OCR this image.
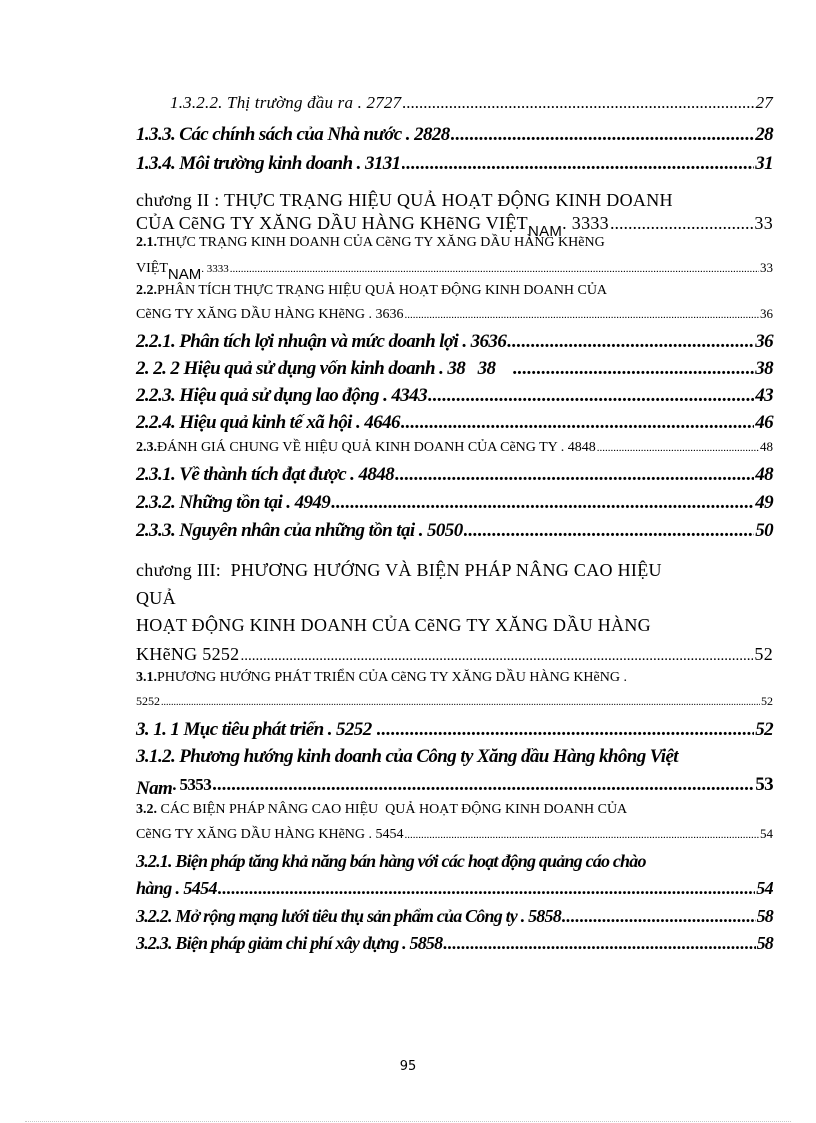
1.3.2.2. Thị trường đầu ra . 2727 .....	27
1.3.3. Các chính sách của Nhà nước . 2828 .....	28
1.3.4. Môi trường kinh doanh . 3131 .....	31
chương II : THỰC TRẠNG HIỆU QUẢ HOẠT ĐỘNG KINH DOANH
CỦA CẽNG TY XĂNG DẦU HÀNG KHẽNG VIỆT NAM . 3333 .....	33
2.1. THỰC TRẠNG KINH DOANH CỦA CẽNG TY XĂNG DẦU HÀNG KHẽNG
VIỆT NAM . 3333 .....	33
2.2. PHÂN TÍCH THỰC TRẠNG HIỆU QUẢ HOẠT ĐỘNG KINH DOANH CỦA
CẽNG TY XĂNG DẦU HÀNG KHẽNG . 3636 .....	36
2.2.1. Phân tích lợi nhuận và mức doanh lợi . 3636 .....	36
2. 2. 2 Hiệu quả sử dụng vốn kinh doanh . 38   38 .....	38
2.2.3. Hiệu quả sử dụng lao động . 4343 .....	43
2.2.4. Hiệu quả kinh tế xã hội . 4646 .....	46
2.3. ĐÁNH GIÁ CHUNG VỀ HIỆU QUẢ KINH DOANH CỦA CẽNG TY . 4848 .....	48
2.3.1. Về thành tích đạt được . 4848 .....	48
2.3.2. Những tồn tại . 4949 .....	49
2.3.3. Nguyên nhân của những tồn tại . 5050 .....	50
chương III:  PHƯƠNG HƯỚNG VÀ BIỆN PHÁP NÂNG CAO HIỆU
QUẢ
HOẠT ĐỘNG KINH DOANH CỦA CẽNG TY XĂNG DẦU HÀNG
KHẽNG 5252 .....	52
3.1. PHƯƠNG HƯỚNG PHÁT TRIỂN CỦA CẽNG TY XĂNG DẦU HÀNG KHẽNG .
5252 .....	52
3. 1. 1 Mục tiêu phát triển . 5252 .....	52
3.1.2. Phương hướng kinh doanh của Công ty Xăng dầu Hàng không Việt
Nam . 5353 .....	53
3.2. CÁC BIỆN PHÁP NÂNG CAO HIỆU  QUẢ HOẠT ĐỘNG KINH DOANH CỦA
CẽNG TY XĂNG DẦU HÀNG KHẽNG . 5454 .....	54
3.2.1. Biện pháp tăng khả năng bán hàng với các hoạt động quảng cáo chào
hàng . 5454 .....	54
3.2.2. Mở rộng mạng lưới tiêu thụ sản phẩm của Công ty . 5858 .....	58
3.2.3. Biện pháp giảm chi phí xây dựng . 5858 .....	58
95
